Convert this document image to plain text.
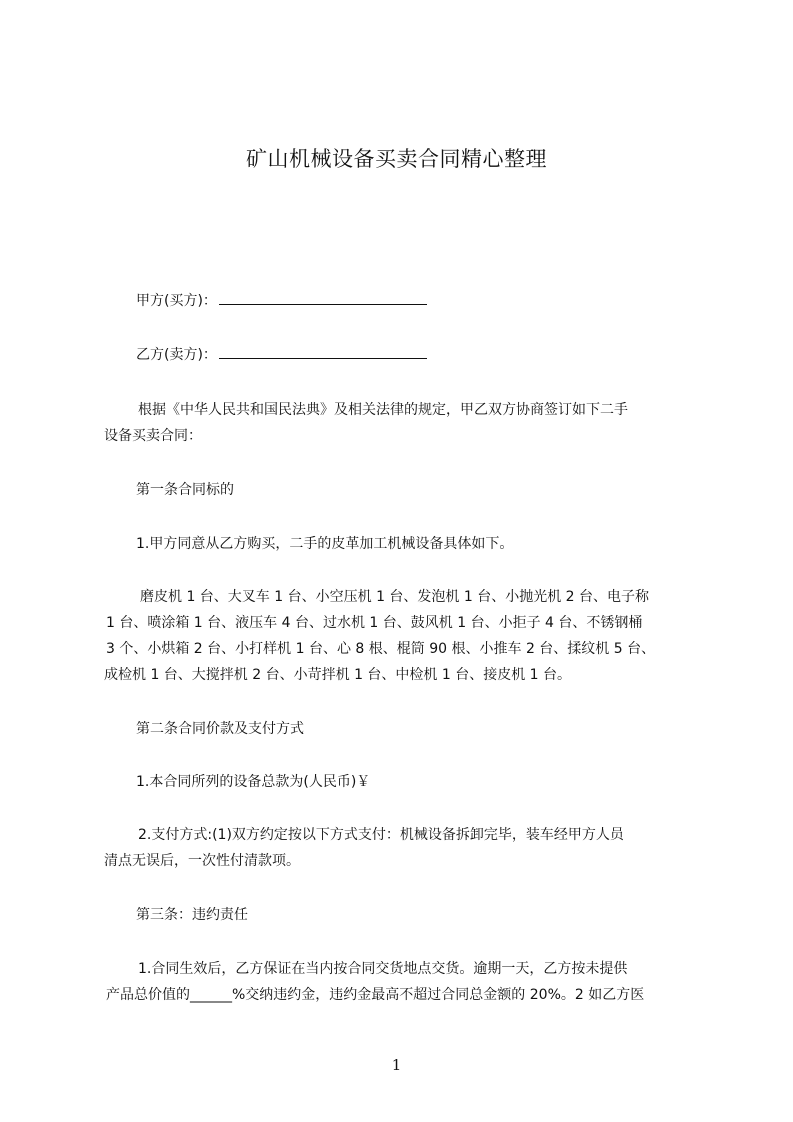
矿山机械设备买卖合同精心整理
甲方(买方)：
乙方(卖方)：
根据《中华人民共和国民法典》及相关法律的规定，甲乙双方协商签订如下二手
设备买卖合同：
第一条合同标的
1.甲方同意从乙方购买，二手的皮革加工机械设备具体如下。
磨皮机 1 台、大叉车 1 台、小空压机 1 台、发泡机 1 台、小抛光机 2 台、电子称
1 台、喷涂箱 1 台、液压车 4 台、过水机 1 台、鼓风机 1 台、小拒子 4 台、不锈钢桶
3 个、小烘箱 2 台、小打样机 1 台、心 8 根、棍筒 90 根、小推车 2 台、揉纹机 5 台、
成检机 1 台、大搅拌机 2 台、小苛拌机 1 台、中检机 1 台、接皮机 1 台。
第二条合同价款及支付方式
1.本合同所列的设备总款为(人民币)￥
2.支付方式:(1)双方约定按以下方式支付：机械设备拆卸完毕，装车经甲方人员
清点无误后，一次性付清款项。
第三条：违约责任
1.合同生效后，乙方保证在当内按合同交货地点交货。逾期一天，乙方按未提供
产品总价值的______%交纳违约金，违约金最高不超过合同总金额的 20%。2 如乙方医
1
